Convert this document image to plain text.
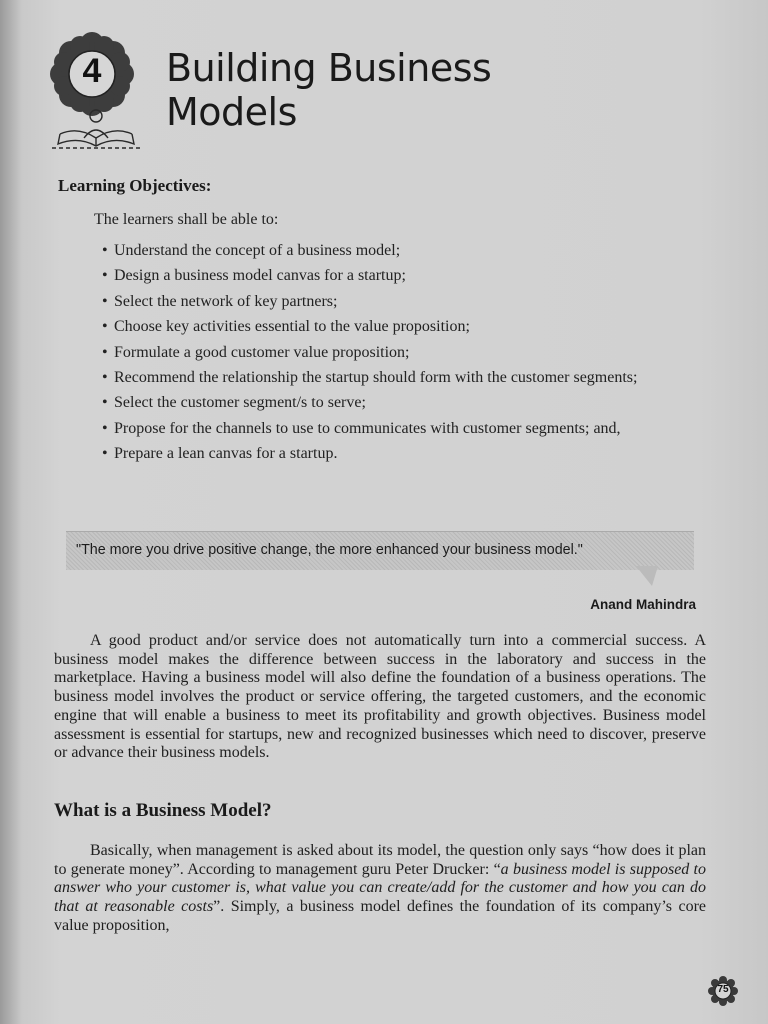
4	Building Business
Models
Learning Objectives:

The learners shall be able to:

• Understand the concept of a business model;
• Design a business model canvas for a startup;
• Select the network of key partners;
• Choose key activities essential to the value proposition;
• Formulate a good customer value proposition;
• Recommend the relationship the startup should form with the customer segments;
• Select the customer segment/s to serve;
• Propose for the channels to use to communicates with customer segments; and,
• Prepare a lean canvas for a startup.

"The more you drive positive change, the more enhanced your business model."

Anand Mahindra

A good product and/or service does not automatically turn into a commercial success. A business model makes the difference between success in the laboratory and success in the marketplace. Having a business model will also define the foundation of a business operations. The business model involves the product or service offering, the targeted customers, and the economic engine that will enable a business to meet its profitability and growth objectives. Business model assessment is essential for startups, new and recognized businesses which need to discover, preserve or advance their business models.

What is a Business Model?

Basically, when management is asked about its model, the question only says “how does it plan to generate money”. According to management guru Peter Drucker: “a business model is supposed to answer who your customer is, what value you can create/add for the customer and how you can do that at reasonable costs”. Simply, a business model defines the foundation of its company’s core value proposition,

75
